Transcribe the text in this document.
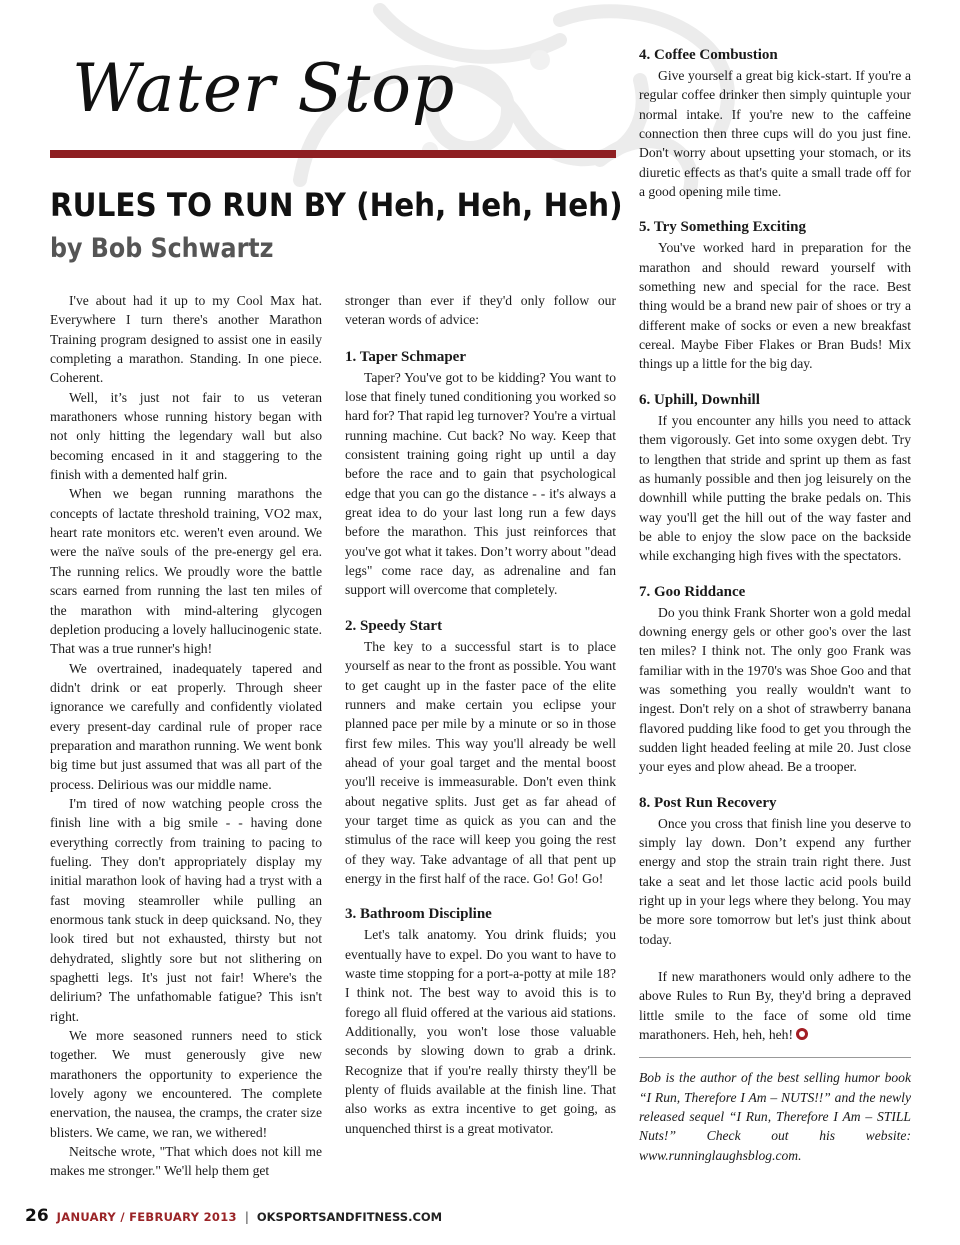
Water Stop
RULES TO RUN BY (Heh, Heh, Heh)
by Bob Schwartz

I've about had it up to my Cool Max hat. Everywhere I turn there's another Marathon Training program designed to assist one in easily completing a marathon. Standing. In one piece. Coherent.

Well, it’s just not fair to us veteran marathoners whose running history began with not only hitting the legendary wall but also becoming encased in it and staggering to the finish with a demented half grin.

When we began running marathons the concepts of lactate threshold training, VO2 max, heart rate monitors etc. weren't even around. We were the naïve souls of the pre-energy gel era. The running relics. We proudly wore the battle scars earned from running the last ten miles of the marathon with mind-altering glycogen depletion producing a lovely hallucinogenic state. That was a true runner's high!

We overtrained, inadequately tapered and didn't drink or eat properly. Through sheer ignorance we carefully and confidently violated every present-day cardinal rule of proper race preparation and marathon running. We went bonk big time but just assumed that was all part of the process. Delirious was our middle name.

I'm tired of now watching people cross the finish line with a big smile - - having done everything correctly from training to pacing to fueling. They don't appropriately display my initial marathon look of having had a tryst with a fast moving steamroller while pulling an enormous tank stuck in deep quicksand. No, they look tired but not exhausted, thirsty but not dehydrated, slightly sore but not slithering on spaghetti legs. It's just not fair! Where's the delirium? The unfathomable fatigue? This isn't right.

We more seasoned runners need to stick together. We must generously give new marathoners the opportunity to experience the lovely agony we encountered. The complete enervation, the nausea, the cramps, the crater size blisters. We came, we ran, we withered!

Neitsche wrote, "That which does not kill me makes me stronger." We'll help them get

stronger than ever if they'd only follow our veteran words of advice:

1. Taper Schmaper

Taper? You've got to be kidding? You want to lose that finely tuned conditioning you worked so hard for? That rapid leg turnover? You're a virtual running machine. Cut back? No way. Keep that consistent training going right up until a day before the race and to gain that psychological edge that you can go the distance - - it's always a great idea to do your last long run a few days before the marathon. This just reinforces that you've got what it takes. Don’t worry about "dead legs" come race day, as adrenaline and fan support will overcome that completely.

2. Speedy Start

The key to a successful start is to place yourself as near to the front as possible. You want to get caught up in the faster pace of the elite runners and make certain you eclipse your planned pace per mile by a minute or so in those first few miles. This way you'll already be well ahead of your goal target and the mental boost you'll receive is immeasurable. Don't even think about negative splits. Just get as far ahead of your target time as quick as you can and the stimulus of the race will keep you going the rest of they way. Take advantage of all that pent up energy in the first half of the race. Go! Go! Go!

3. Bathroom Discipline

Let's talk anatomy. You drink fluids; you eventually have to expel. Do you want to have to waste time stopping for a port-a-potty at mile 18? I think not. The best way to avoid this is to forego all fluid offered at the various aid stations. Additionally, you won't lose those valuable seconds by slowing down to grab a drink. Recognize that if you're really thirsty they'll be plenty of fluids available at the finish line. That also works as extra incentive to get going, as unquenched thirst is a great motivator.

4. Coffee Combustion

Give yourself a great big kick-start. If you're a regular coffee drinker then simply quintuple your normal intake. If you're new to the caffeine connection then three cups will do you just fine. Don't worry about upsetting your stomach, or its diuretic effects as that's quite a small trade off for a good opening mile time.

5. Try Something Exciting

You've worked hard in preparation for the marathon and should reward yourself with something new and special for the race. Best thing would be a brand new pair of shoes or try a different make of socks or even a new breakfast cereal. Maybe Fiber Flakes or Bran Buds! Mix things up a little for the big day.

6. Uphill, Downhill

If you encounter any hills you need to attack them vigorously. Get into some oxygen debt. Try to lengthen that stride and sprint up them as fast as humanly possible and then jog leisurely on the downhill while putting the brake pedals on. This way you'll get the hill out of the way faster and be able to enjoy the slow pace on the backside while exchanging high fives with the spectators.

7. Goo Riddance

Do you think Frank Shorter won a gold medal downing energy gels or other goo's over the last ten miles? I think not. The only goo Frank was familiar with in the 1970's was Shoe Goo and that was something you really wouldn't want to ingest. Don't rely on a shot of strawberry banana flavored pudding like food to get you through the sudden light headed feeling at mile 20. Just close your eyes and plow ahead. Be a trooper.

8. Post Run Recovery

Once you cross that finish line you deserve to simply lay down. Don’t expend any further energy and stop the strain train right there. Just take a seat and let those lactic acid pools build right up in your legs where they belong. You may be more sore tomorrow but let's just think about today.

If new marathoners would only adhere to the above Rules to Run By, they'd bring a depraved little smile to the face of some old time marathoners. Heh, heh, heh!

Bob is the author of the best selling humor book “I Run, Therefore I Am – NUTS!!” and the newly released sequel “I Run, Therefore I Am – STILL Nuts!” Check out his website: www.runninglaughsblog.com.

26 JANUARY / FEBRUARY 2013 | OKSPORTSANDFITNESS.COM
